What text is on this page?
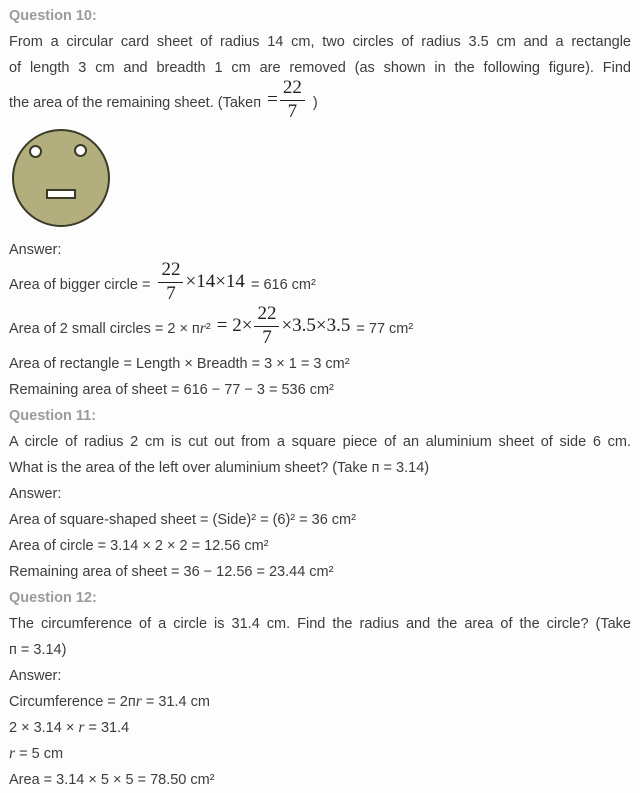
Question 10:
From a circular card sheet of radius 14 cm, two circles of radius 3.5 cm and a rectangle
of length 3 cm and breadth 1 cm are removed (as shown in the following figure). Find
the area of the remaining sheet. (Takeп = $\frac{22}{7}$ )
Answer:
Area of bigger circle = $\frac{22}{7} \times 14\times 14 = 616$ cm²
Area of 2 small circles = $2 \times пr^2 = 2\times \frac{22}{7} \times 3.5\times 3.5 = 77$ cm²
Area of rectangle = Length × Breadth = 3 × 1 = 3 cm²
Remaining area of sheet = 616 − 77 − 3 = 536 cm²
Question 11:
A circle of radius 2 cm is cut out from a square piece of an aluminium sheet of side 6 cm.
What is the area of the left over aluminium sheet? (Take п = 3.14)
Answer:
Area of square-shaped sheet = (Side)² = (6)² = 36 cm²
Area of circle = 3.14 × 2 × 2 = 12.56 cm²
Remaining area of sheet = 36 − 12.56 = 23.44 cm²
Question 12:
The circumference of a circle is 31.4 cm. Find the radius and the area of the circle? (Take
п = 3.14)
Answer:
Circumference = 2пr = 31.4 cm
2 × 3.14 × r = 31.4
r = 5 cm
Area = 3.14 × 5 × 5 = 78.50 cm²
